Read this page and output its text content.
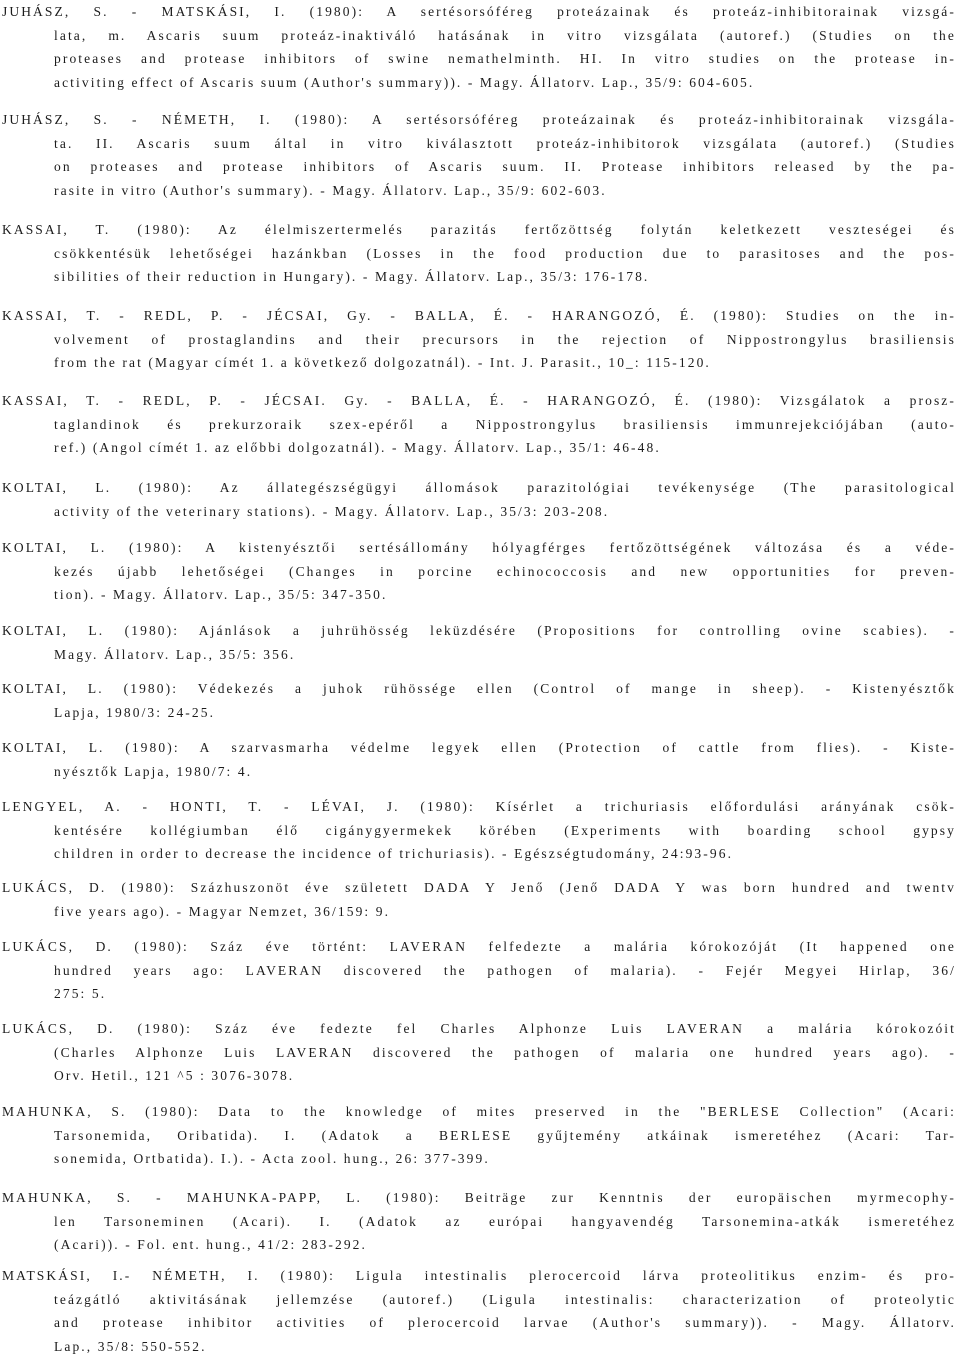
JUHÁSZ, S. - MATSKÁSI, I. (1980): A sertésorsóféreg proteázainak és proteáz-inhibitorainak vizsgá-
lata, m. Ascaris suum proteáz-inaktiváló hatásának in vitro vizsgálata (autoref.) (Studies on the
proteases and protease inhibitors of swine nemathelminth. HI. In vitro studies on the protease in-
activiting effect of Ascaris suum (Author's summary)). - Magy. Állatorv. Lap., 35/9: 604-605.
JUHÁSZ, S. - NÉMETH, I. (1980): A sertésorsóféreg proteázainak és proteáz-inhibitorainak vizsgála-
ta. II. Ascaris suum által in vitro kiválasztott proteáz-inhibitorok vizsgálata (autoref.) (Studies
on proteases and protease inhibitors of Ascaris suum. II. Protease inhibitors released by the pa-
rasite in vitro (Author's summary). - Magy. Állatorv. Lap., 35/9: 602-603.
KASSAI, T. (1980): Az élelmiszertermelés parazitás fertőzöttség folytán keletkezett veszteségei és
csökkentésük lehetőségei hazánkban (Losses in the food production due to parasitoses and the pos-
sibilities of their reduction in Hungary). - Magy. Állatorv. Lap., 35/3: 176-178.
KASSAI, T. - REDL, P. - JÉCSAI, Gy. - BALLA, É. - HARANGOZÓ, É. (1980): Studies on the in-
volvement of prostaglandins and their precursors in the rejection of Nippostrongylus brasiliensis
from the rat (Magyar címét 1. a következő dolgozatnál). - Int. J. Parasit., 10_: 115-120.
KASSAI, T. - REDL, P. - JÉCSAI. Gy. - BALLA, É. - HARANGOZÓ, É. (1980): Vizsgálatok a prosz-
taglandinok és prekurzoraik szex-epéről a Nippostrongylus brasiliensis immunrejekciójában (auto-
ref.) (Angol címét 1. az előbbi dolgozatnál). - Magy. Állatorv. Lap., 35/1: 46-48.
KOLTAI, L. (1980): Az állategészségügyi állomások parazitológiai tevékenysége (The parasitological
activity of the veterinary stations). - Magy. Állatorv. Lap., 35/3: 203-208.
KOLTAI, L. (1980): A kistenyésztői sertésállomány hólyagférges fertőzöttségének változása és a véde-
kezés újabb lehetőségei (Changes in porcine echinococcosis and new opportunities for preven-
tion). - Magy. Állatorv. Lap., 35/5: 347-350.
KOLTAI, L. (1980): Ajánlások a juhrühösség leküzdésére (Propositions for controlling ovine scabies). -
Magy. Állatorv. Lap., 35/5: 356.
KOLTAI, L. (1980): Védekezés a juhok rühössége ellen (Control of mange in sheep). - Kistenyésztők
Lapja, 1980/3: 24-25.
KOLTAI, L. (1980): A szarvasmarha védelme legyek ellen (Protection of cattle from flies). - Kiste-
nyésztők Lapja, 1980/7: 4.
LENGYEL, A. - HONTI, T. - LÉVAI, J. (1980): Kísérlet a trichuriasis előfordulási arányának csök-
kentésére kollégiumban élő cigánygyermekek körében (Experiments with boarding school gypsy
children in order to decrease the incidence of trichuriasis). - Egészségtudomány, 24:93-96.
LUKÁCS, D. (1980): Százhuszonöt éve született DADA Y Jenő (Jenő DADA Y was born hundred and twentv
five years ago). - Magyar Nemzet, 36/159: 9.
LUKÁCS, D. (1980): Száz éve történt: LAVERAN felfedezte a malária kórokozóját (It happened one
hundred years ago: LAVERAN discovered the pathogen of malaria). - Fejér Megyei Hirlap, 36/
275: 5.
LUKÁCS, D. (1980): Száz éve fedezte fel Charles Alphonze Luis LAVERAN a malária kórokozóit
(Charles Alphonze Luis LAVERAN discovered the pathogen of malaria one hundred years ago). -
Orv. Hetil., 121 ^5 : 3076-3078.
MAHUNKA, S. (1980): Data to the knowledge of mites preserved in the "BERLESE Collection" (Acari:
Tarsonemida, Oribatida). I. (Adatok a BERLESE gyűjtemény atkáinak ismeretéhez (Acari: Tar-
sonemida, Ortbatida). I.). - Acta zool. hung., 26: 377-399.
MAHUNKA, S. - MAHUNKA-PAPP, L. (1980): Beiträge zur Kenntnis der europäischen myrmecophy-
len Tarsoneminen (Acari). I. (Adatok az európai hangyavendég Tarsonemina-atkák ismeretéhez
(Acari)). - Fol. ent. hung., 41/2: 283-292.
MATSKÁSI, I.- NÉMETH, I. (1980): Ligula intestinalis plerocercoid lárva proteolitikus enzim- és pro-
teázgátló aktivitásának jellemzése (autoref.) (Ligula intestinalis: characterization of proteolytic
and protease inhibitor activities of plerocercoid larvae (Author's summary)). - Magy. Állatorv.
Lap., 35/8: 550-552.
